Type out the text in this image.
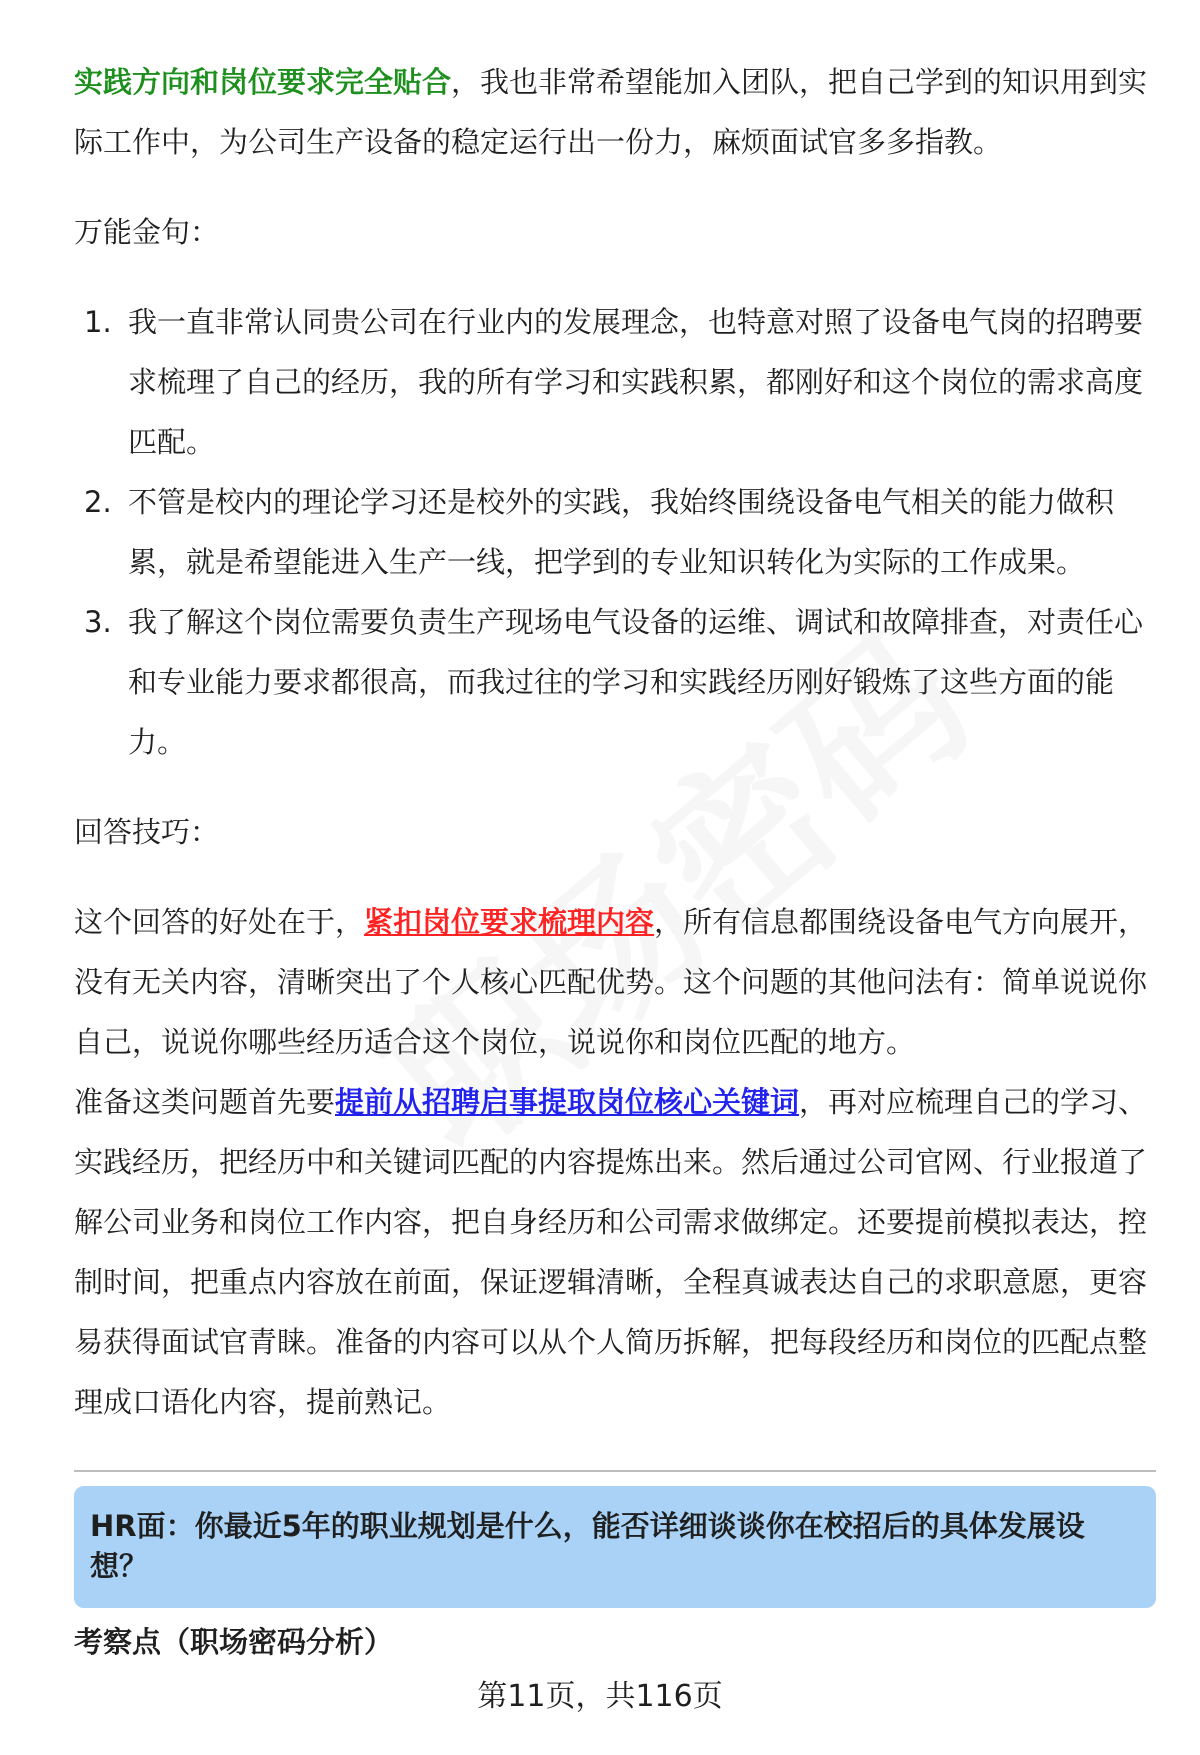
实践方向和岗位要求完全贴合，我也非常希望能加入团队，把自己学到的知识用到实际工作中，为公司生产设备的稳定运行出一份力，麻烦面试官多多指教。

万能金句：

1. 我一直非常认同贵公司在行业内的发展理念，也特意对照了设备电气岗的招聘要求梳理了自己的经历，我的所有学习和实践积累，都刚好和这个岗位的需求高度匹配。
2. 不管是校内的理论学习还是校外的实践，我始终围绕设备电气相关的能力做积累，就是希望能进入生产一线，把学到的专业知识转化为实际的工作成果。
3. 我了解这个岗位需要负责生产现场电气设备的运维、调试和故障排查，对责任心和专业能力要求都很高，而我过往的学习和实践经历刚好锻炼了这些方面的能力。

回答技巧：

这个回答的好处在于，紧扣岗位要求梳理内容，所有信息都围绕设备电气方向展开，没有无关内容，清晰突出了个人核心匹配优势。这个问题的其他问法有：简单说说你自己，说说你哪些经历适合这个岗位，说说你和岗位匹配的地方。

准备这类问题首先要提前从招聘启事提取岗位核心关键词，再对应梳理自己的学习、实践经历，把经历中和关键词匹配的内容提炼出来。然后通过公司官网、行业报道了解公司业务和岗位工作内容，把自身经历和公司需求做绑定。还要提前模拟表达，控制时间，把重点内容放在前面，保证逻辑清晰，全程真诚表达自己的求职意愿，更容易获得面试官青睐。准备的内容可以从个人简历拆解，把每段经历和岗位的匹配点整理成口语化内容，提前熟记。

HR面：你最近5年的职业规划是什么，能否详细谈谈你在校招后的具体发展设想？
考察点（职场密码分析）
第11页，共116页
